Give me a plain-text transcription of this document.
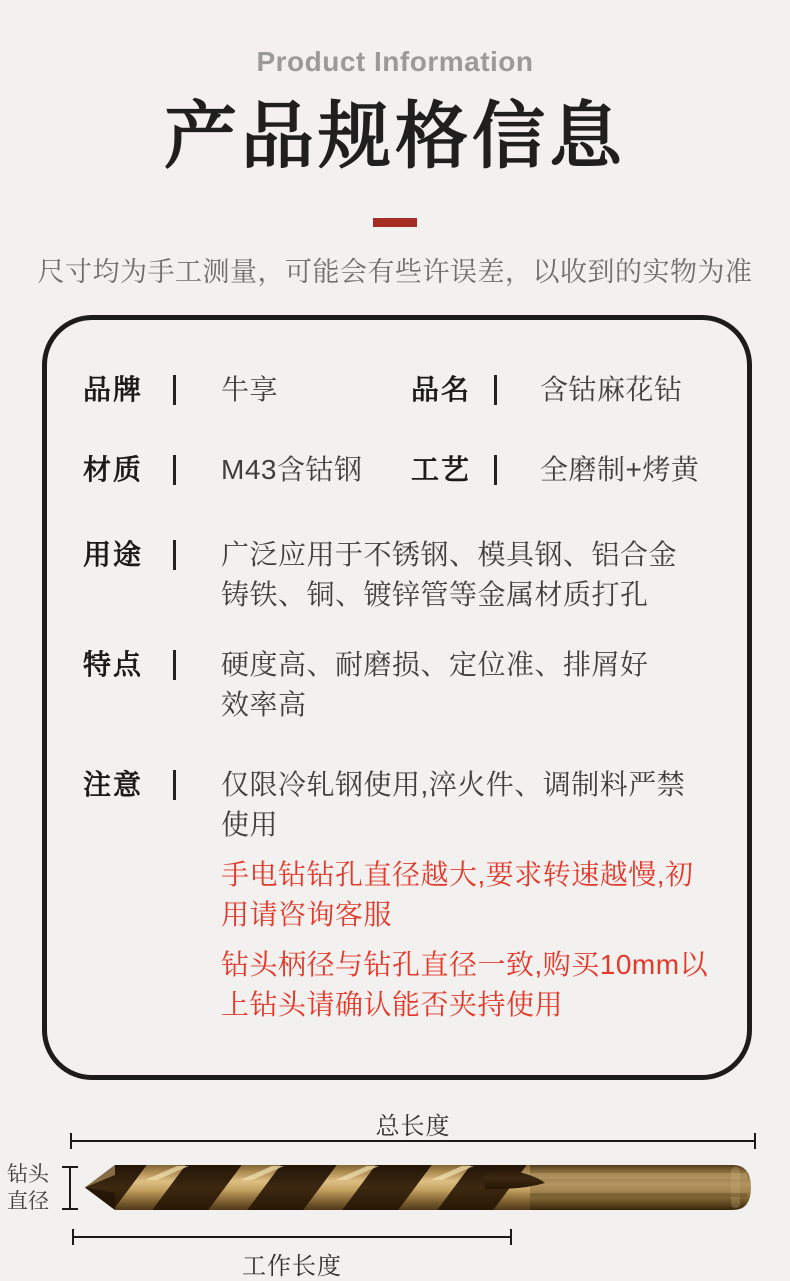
Product Information
产品规格信息
尺寸均为手工测量，可能会有些许误差，以收到的实物为准
品牌	牛享	品名	含钴麻花钻
材质	M43含钴钢	工艺	全磨制+烤黄
用途	广泛应用于不锈钢、模具钢、铝合金
铸铁、铜、镀锌管等金属材质打孔
特点	硬度高、耐磨损、定位准、排屑好
效率高
注意	仅限冷轧钢使用,淬火件、调制料严禁
使用
手电钻钻孔直径越大,要求转速越慢,初
用请咨询客服
钻头柄径与钻孔直径一致,购买10mm以
上钻头请确认能否夹持使用
总长度
钻头
直径
工作长度
